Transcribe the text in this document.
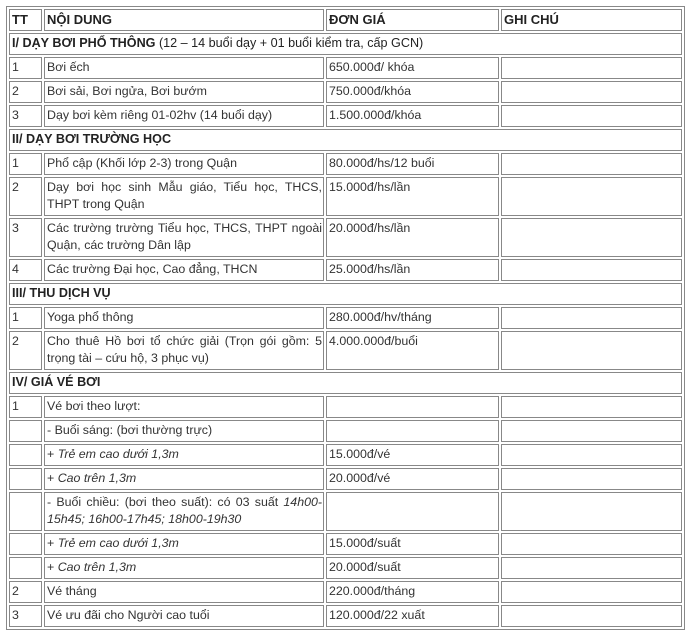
TT	NỘI DUNG	ĐƠN GIÁ	GHI CHÚ
I/ DẠY BƠI PHỔ THÔNG (12 – 14 buổi dạy + 01 buổi kiểm tra, cấp GCN)			
1	Bơi ếch	650.000đ/ khóa	
2	Bơi sải, Bơi ngửa, Bơi bướm	750.000đ/khóa	
3	Dạy bơi kèm riêng 01-02hv (14 buổi dạy)	1.500.000đ/khóa	
II/ DẠY BƠI TRƯỜNG HỌC			
1	Phổ cập (Khối lớp 2-3) trong Quận	80.000đ/hs/12 buổi	
2	Dạy bơi học sinh Mẫu giáo, Tiểu học, THCS, THPT trong Quận	15.000đ/hs/lần	
3	Các trường trường Tiểu học, THCS, THPT ngoài Quận, các trường Dân lập	20.000đ/hs/lần	
4	Các trường Đại học, Cao đẳng, THCN	25.000đ/hs/lần	
III/ THU DỊCH VỤ			
1	Yoga phổ thông	280.000đ/hv/tháng	
2	Cho thuê Hồ bơi tổ chức giải (Trọn gói gồm: 5 trọng tài – cứu hộ, 3 phục vụ)	4.000.000đ/buổi	
IV/ GIÁ VÉ BƠI			
1	Vé bơi theo lượt:		
	- Buổi sáng: (bơi thường trực)		
	+ Trẻ em cao dưới 1,3m	15.000đ/vé	
	+ Cao trên 1,3m	20.000đ/vé	
	- Buổi chiều: (bơi theo suất): có 03 suất 14h00-15h45; 16h00-17h45; 18h00-19h30		
	+ Trẻ em cao dưới 1,3m	15.000đ/suất	
	+ Cao trên 1,3m	20.000đ/suất	
2	Vé tháng	220.000đ/tháng	
3	Vé ưu đãi cho Người cao tuổi	120.000đ/22 xuất	
